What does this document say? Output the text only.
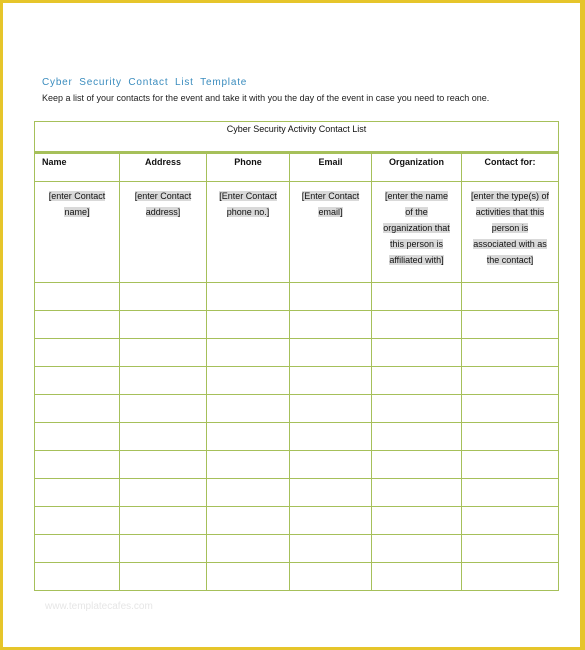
Cyber Security Contact List Template
Keep a list of your contacts for the event and take it with you the day of the event in case you need to reach one.
Cyber Security Activity Contact List					
Name	Address	Phone	Email	Organization	Contact for:
[enter Contact
name]	[enter Contact
address]	[Enter Contact
phone no.]	[Enter Contact
email]	[enter the name
of the
organization that
this person is
affiliated with]	[enter the type(s) of
activities that this
person is
associated with as
the contact]

www.templatecafes.com
